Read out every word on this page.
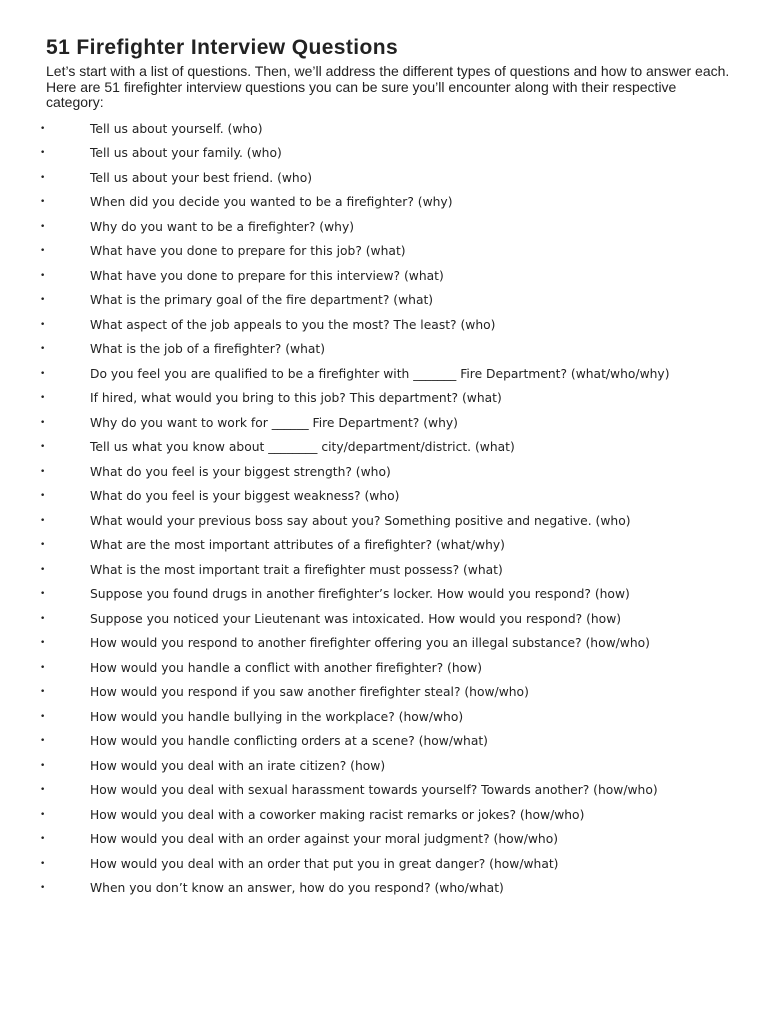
51 Firefighter Interview Questions
Let’s start with a list of questions. Then, we’ll address the different types of questions and how to answer each. Here are 51 firefighter interview questions you can be sure you’ll encounter along with their respective category:
•	Tell us about yourself. (who)
•	Tell us about your family. (who)
•	Tell us about your best friend. (who)
•	When did you decide you wanted to be a firefighter? (why)
•	Why do you want to be a firefighter? (why)
•	What have you done to prepare for this job? (what)
•	What have you done to prepare for this interview? (what)
•	What is the primary goal of the fire department? (what)
•	What aspect of the job appeals to you the most? The least? (who)
•	What is the job of a firefighter? (what)
•	Do you feel you are qualified to be a firefighter with _______ Fire Department? (what/who/why)
•	If hired, what would you bring to this job? This department? (what)
•	Why do you want to work for ______ Fire Department? (why)
•	Tell us what you know about ________ city/department/district. (what)
•	What do you feel is your biggest strength? (who)
•	What do you feel is your biggest weakness? (who)
•	What would your previous boss say about you? Something positive and negative. (who)
•	What are the most important attributes of a firefighter? (what/why)
•	What is the most important trait a firefighter must possess? (what)
•	Suppose you found drugs in another firefighter’s locker. How would you respond? (how)
•	Suppose you noticed your Lieutenant was intoxicated. How would you respond? (how)
•	How would you respond to another firefighter offering you an illegal substance? (how/who)
•	How would you handle a conflict with another firefighter? (how)
•	How would you respond if you saw another firefighter steal? (how/who)
•	How would you handle bullying in the workplace? (how/who)
•	How would you handle conflicting orders at a scene? (how/what)
•	How would you deal with an irate citizen? (how)
•	How would you deal with sexual harassment towards yourself? Towards another? (how/who)
•	How would you deal with a coworker making racist remarks or jokes? (how/who)
•	How would you deal with an order against your moral judgment? (how/who)
•	How would you deal with an order that put you in great danger? (how/what)
•	When you don’t know an answer, how do you respond? (who/what)
